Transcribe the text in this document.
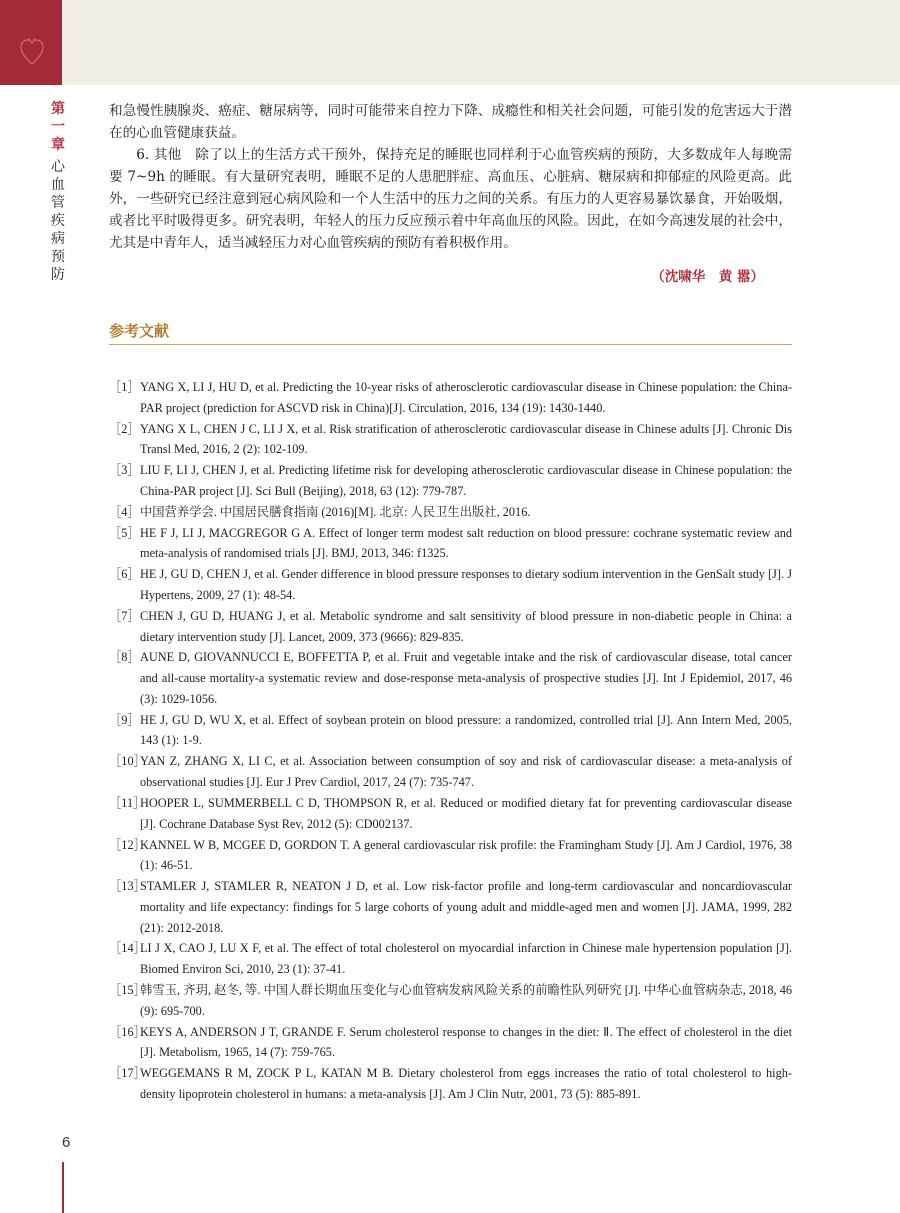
第
一
章
心
血
管
疾
病
预
防

和急慢性胰腺炎、癌症、糖尿病等，同时可能带来自控力下降、成瘾性和相关社会问题，可能引发的危害远大于潜在的心血管健康获益。

6. 其他　除了以上的生活方式干预外，保持充足的睡眠也同样利于心血管疾病的预防，大多数成年人每晚需要 7~9h 的睡眠。有大量研究表明，睡眠不足的人患肥胖症、高血压、心脏病、糖尿病和抑郁症的风险更高。此外，一些研究已经注意到冠心病风险和一个人生活中的压力之间的关系。有压力的人更容易暴饮暴食，开始吸烟，或者比平时吸得更多。研究表明，年轻人的压力反应预示着中年高血压的风险。因此，在如今高速发展的社会中，尤其是中青年人，适当减轻压力对心血管疾病的预防有着积极作用。

（沈啸华　黄 嚣）
参考文献
［1］ YANG X, LI J, HU D, et al. Predicting the 10-year risks of atherosclerotic cardiovascular disease in Chinese population: the China-PAR project (prediction for ASCVD risk in China)[J]. Circulation, 2016, 134 (19): 1430-1440.
［2］ YANG X L, CHEN J C, LI J X, et al. Risk stratification of atherosclerotic cardiovascular disease in Chinese adults [J]. Chronic Dis Transl Med, 2016, 2 (2): 102-109.
［3］ LIU F, LI J, CHEN J, et al. Predicting lifetime risk for developing atherosclerotic cardiovascular disease in Chinese population: the China-PAR project [J]. Sci Bull (Beijing), 2018, 63 (12): 779-787.
［4］ 中国营养学会. 中国居民膳食指南 (2016)[M]. 北京: 人民卫生出版社, 2016.
［5］ HE F J, LI J, MACGREGOR G A. Effect of longer term modest salt reduction on blood pressure: cochrane systematic review and meta-analysis of randomised trials [J]. BMJ, 2013, 346: f1325.
［6］ HE J, GU D, CHEN J, et al. Gender difference in blood pressure responses to dietary sodium intervention in the GenSalt study [J]. J Hypertens, 2009, 27 (1): 48-54.
［7］ CHEN J, GU D, HUANG J, et al. Metabolic syndrome and salt sensitivity of blood pressure in non-diabetic people in China: a dietary intervention study [J]. Lancet, 2009, 373 (9666): 829-835.
［8］ AUNE D, GIOVANNUCCI E, BOFFETTA P, et al. Fruit and vegetable intake and the risk of cardiovascular disease, total cancer and all-cause mortality-a systematic review and dose-response meta-analysis of prospective studies [J]. Int J Epidemiol, 2017, 46 (3): 1029-1056.
［9］ HE J, GU D, WU X, et al. Effect of soybean protein on blood pressure: a randomized, controlled trial [J]. Ann Intern Med, 2005, 143 (1): 1-9.
［10］
YAN Z, ZHANG X, LI C, et al. Association between consumption of soy and risk of cardiovascular disease: a meta-analysis of observational studies [J]. Eur J Prev Cardiol, 2017, 24 (7): 735-747.
［11］
HOOPER L, SUMMERBELL C D, THOMPSON R, et al. Reduced or modified dietary fat for preventing cardiovascular disease [J]. Cochrane Database Syst Rev, 2012 (5): CD002137.
［12］
KANNEL W B, MCGEE D, GORDON T. A general cardiovascular risk profile: the Framingham Study [J]. Am J Cardiol, 1976, 38 (1): 46-51.
［13］
STAMLER J, STAMLER R, NEATON J D, et al. Low risk-factor profile and long-term cardiovascular and noncardiovascular mortality and life expectancy: findings for 5 large cohorts of young adult and middle-aged men and women [J]. JAMA, 1999, 282 (21): 2012-2018.
［14］
LI J X, CAO J, LU X F, et al. The effect of total cholesterol on myocardial infarction in Chinese male hypertension population [J]. Biomed Environ Sci, 2010, 23 (1): 37-41.
［15］
韩雪玉, 齐玥, 赵冬, 等. 中国人群长期血压变化与心血管病发病风险关系的前瞻性队列研究 [J]. 中华心血管病杂志, 2018, 46 (9): 695-700.
［16］
KEYS A, ANDERSON J T, GRANDE F. Serum cholesterol response to changes in the diet: Ⅱ. The effect of cholesterol in the diet [J]. Metabolism, 1965, 14 (7): 759-765.
［17］
WEGGEMANS R M, ZOCK P L, KATAN M B. Dietary cholesterol from eggs increases the ratio of total cholesterol to high-density lipoprotein cholesterol in humans: a meta-analysis [J]. Am J Clin Nutr, 2001, 73 (5): 885-891.
6
